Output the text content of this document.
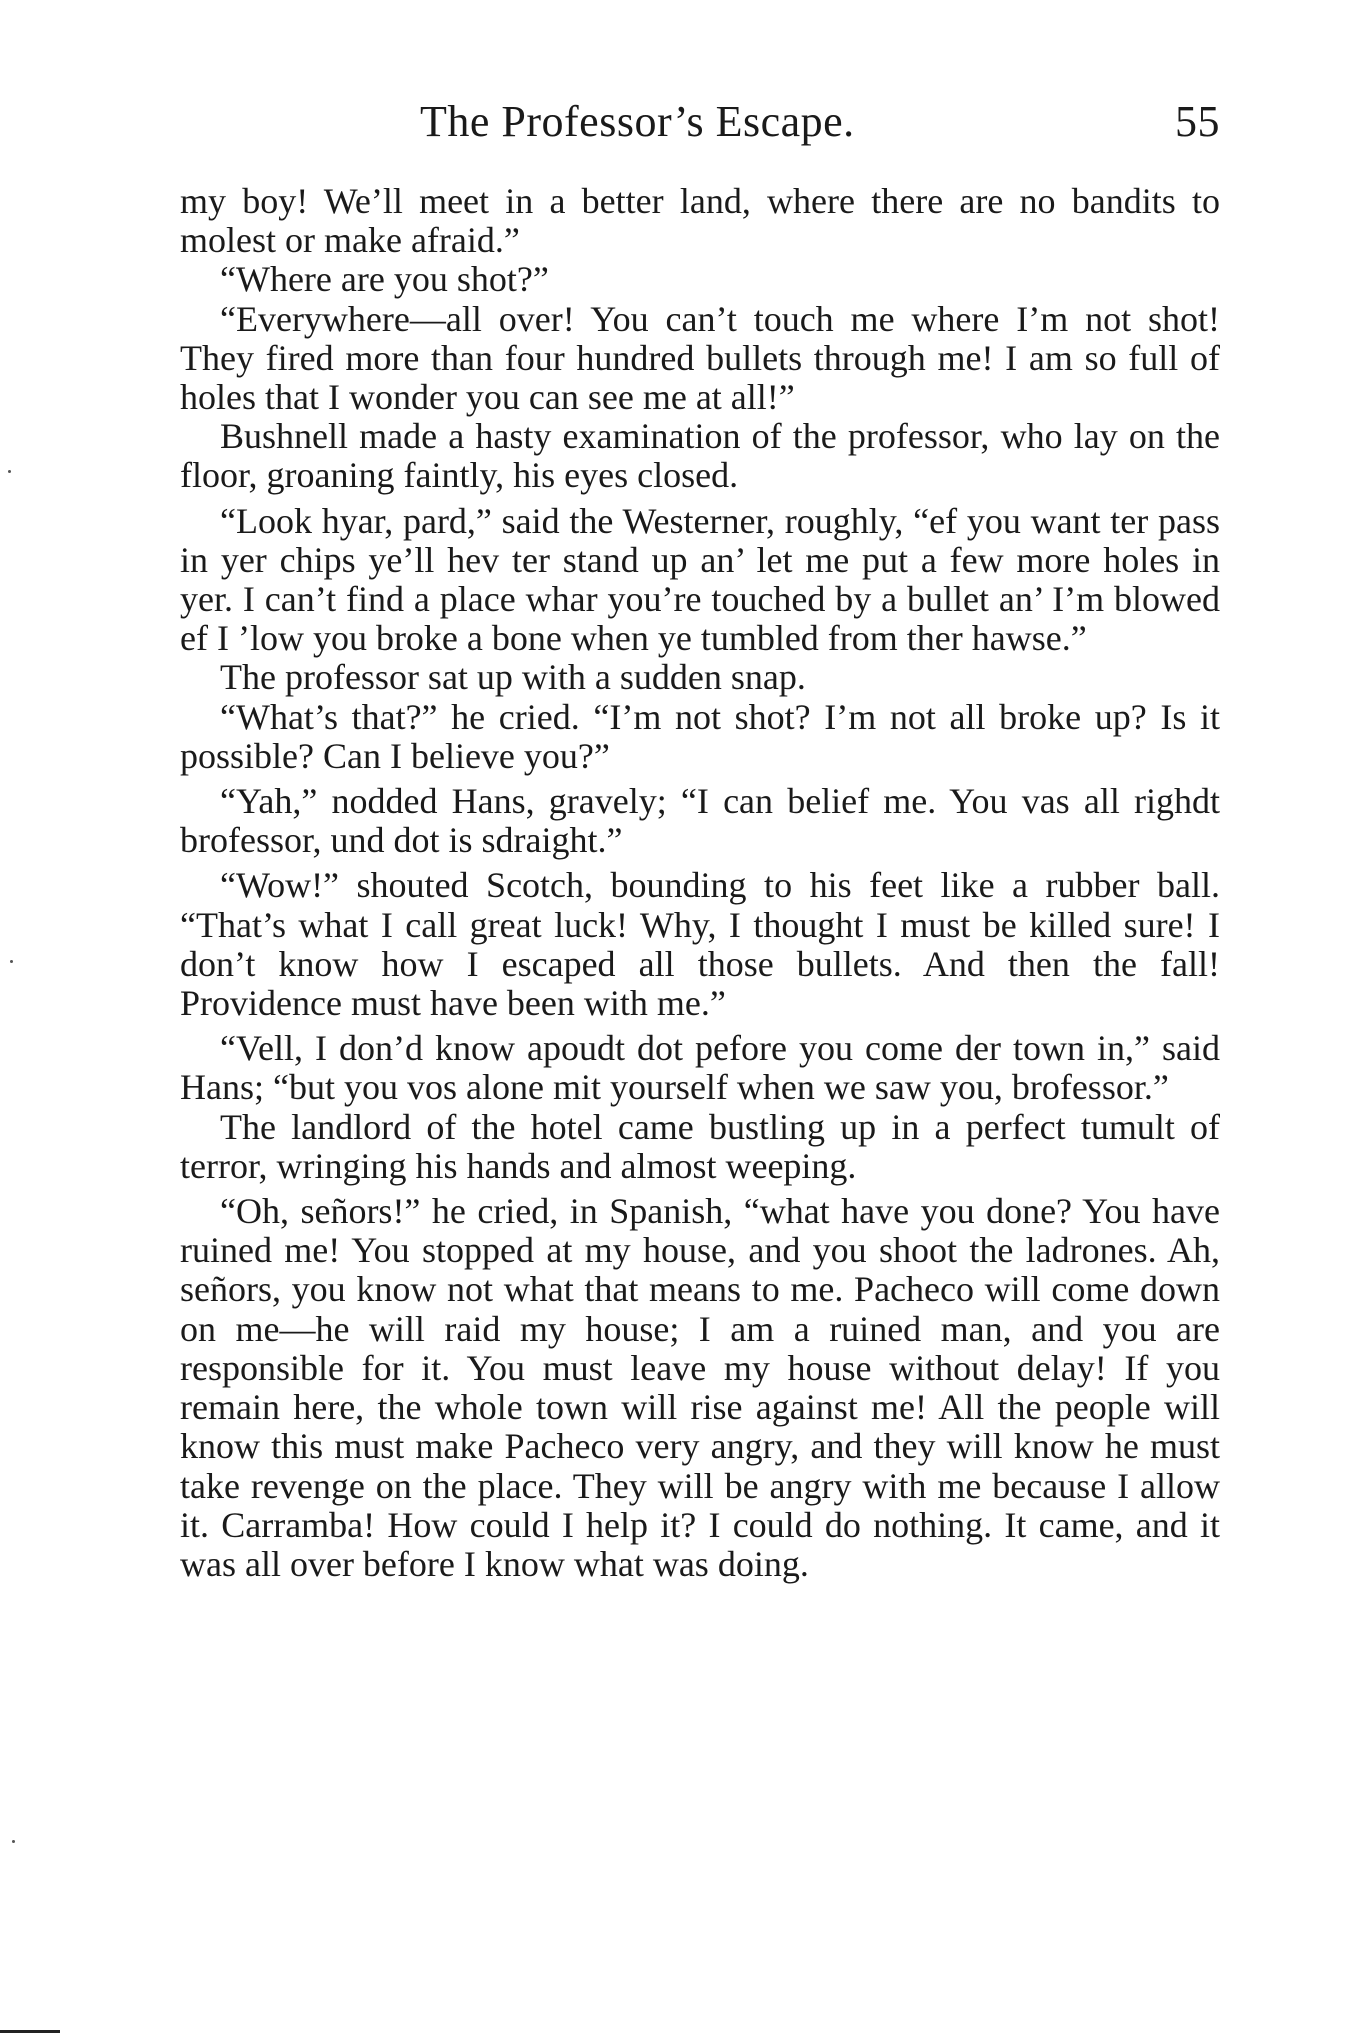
The Professor’s Escape.	55

my boy! We’ll meet in a better land, where there are no bandits to molest or make afraid.”

“Where are you shot?”

“Everywhere—all over! You can’t touch me where I’m not shot! They fired more than four hundred bullets through me! I am so full of holes that I wonder you can see me at all!”

Bushnell made a hasty examination of the professor, who lay on the floor, groaning faintly, his eyes closed.

“Look hyar, pard,” said the Westerner, roughly, “ef you want ter pass in yer chips ye’ll hev ter stand up an’ let me put a few more holes in yer. I can’t find a place whar you’re touched by a bullet an’ I’m blowed ef I ’low you broke a bone when ye tumbled from ther hawse.”

The professor sat up with a sudden snap.

“What’s that?” he cried. “I’m not shot? I’m not all broke up? Is it possible? Can I believe you?”

“Yah,” nodded Hans, gravely; “I can belief me. You vas all righdt brofessor, und dot is sdraight.”

“Wow!” shouted Scotch, bounding to his feet like a rubber ball. “That’s what I call great luck! Why, I thought I must be killed sure! I don’t know how I escaped all those bullets. And then the fall! Providence must have been with me.”

“Vell, I don’d know apoudt dot pefore you come der town in,” said Hans; “but you vos alone mit yourself when we saw you, brofessor.”

The landlord of the hotel came bustling up in a perfect tumult of terror, wringing his hands and almost weeping.

“Oh, señors!” he cried, in Spanish, “what have you done? You have ruined me! You stopped at my house, and you shoot the ladrones. Ah, señors, you know not what that means to me. Pacheco will come down on me—he will raid my house; I am a ruined man, and you are responsible for it. You must leave my house without delay! If you remain here, the whole town will rise against me! All the people will know this must make Pacheco very angry, and they will know he must take revenge on the place. They will be angry with me because I allow it. Carramba! How could I help it? I could do nothing. It came, and it was all over before I know what was doing.
